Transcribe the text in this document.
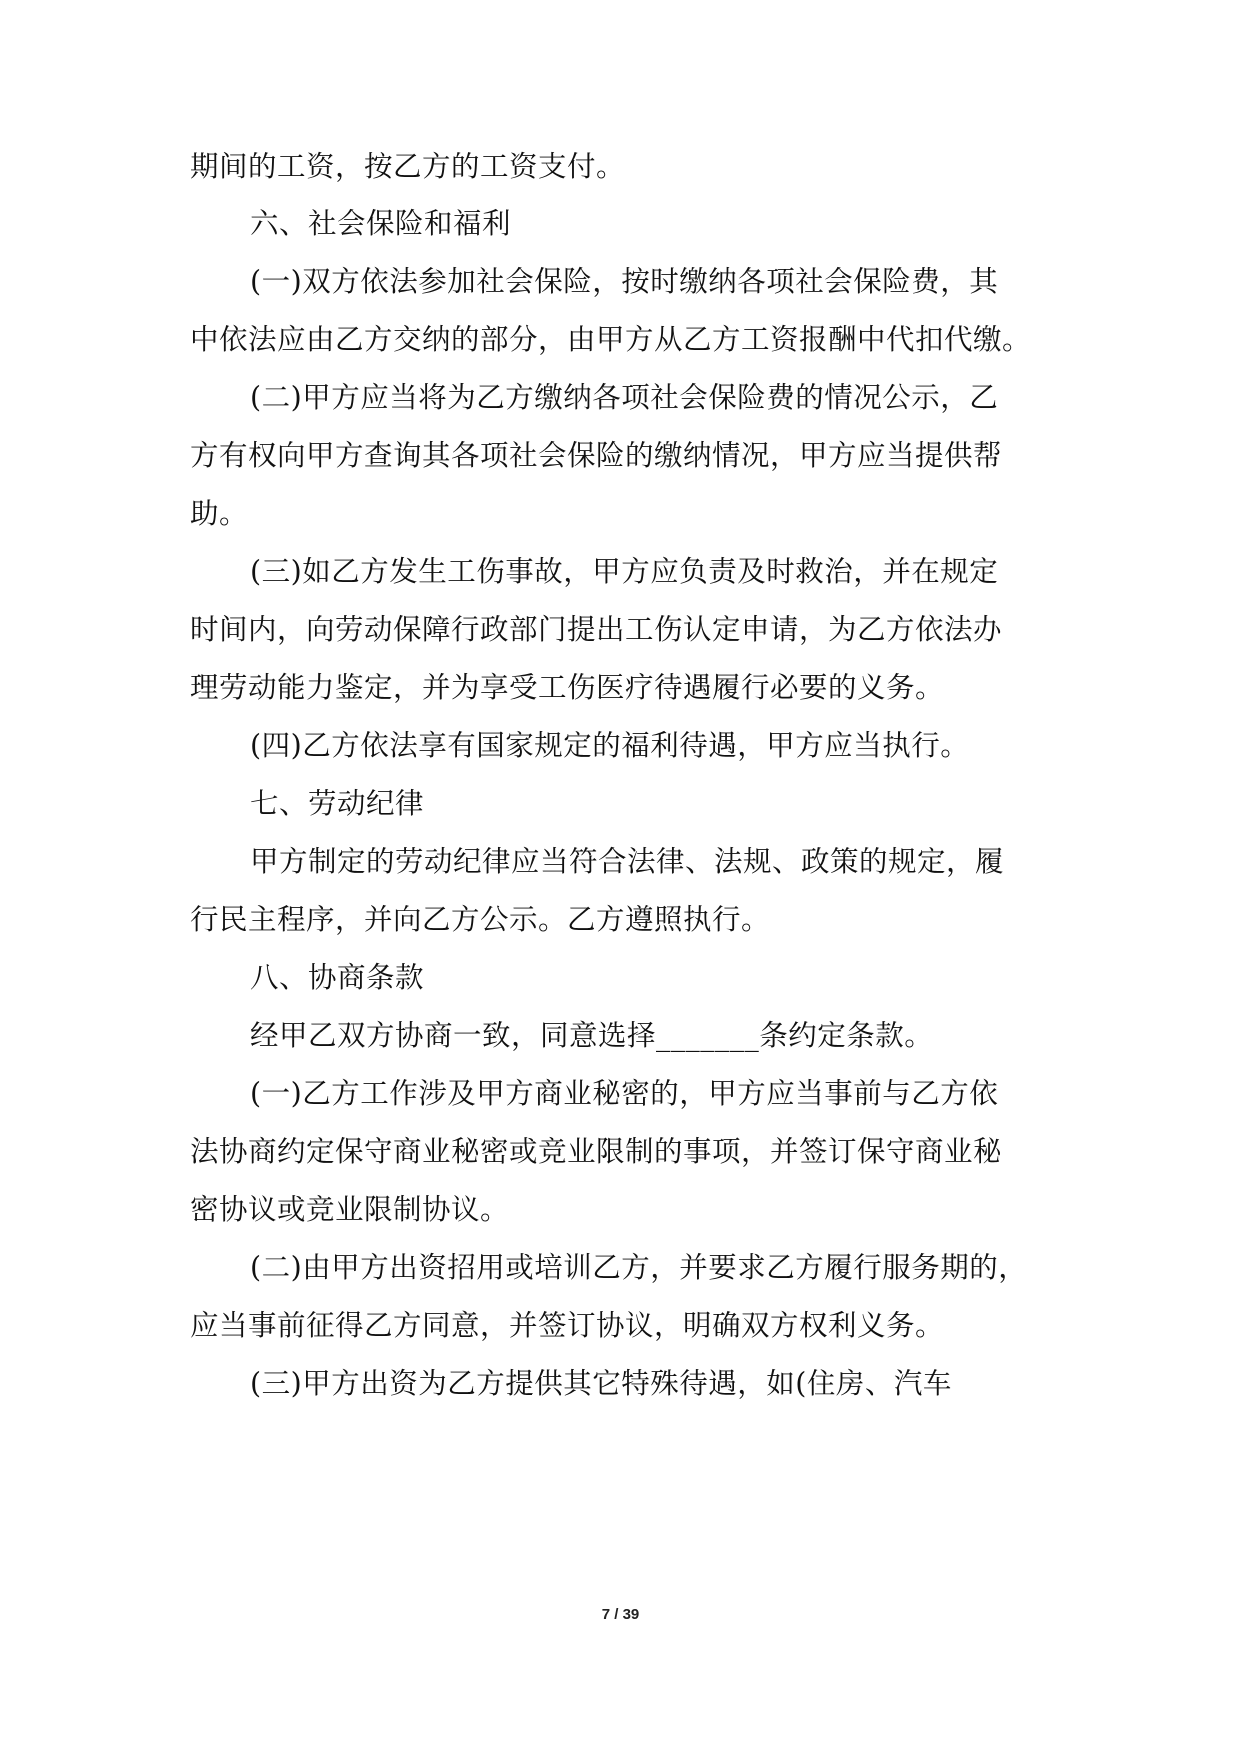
期间的工资，按乙方的工资支付。
六、社会保险和福利
(一)双方依法参加社会保险，按时缴纳各项社会保险费，其
中依法应由乙方交纳的部分，由甲方从乙方工资报酬中代扣代缴。
(二)甲方应当将为乙方缴纳各项社会保险费的情况公示，乙
方有权向甲方查询其各项社会保险的缴纳情况，甲方应当提供帮
助。
(三)如乙方发生工伤事故，甲方应负责及时救治，并在规定
时间内，向劳动保障行政部门提出工伤认定申请，为乙方依法办
理劳动能力鉴定，并为享受工伤医疗待遇履行必要的义务。
(四)乙方依法享有国家规定的福利待遇，甲方应当执行。
七、劳动纪律
甲方制定的劳动纪律应当符合法律、法规、政策的规定，履
行民主程序，并向乙方公示。乙方遵照执行。
八、协商条款
经甲乙双方协商一致，同意选择_______条约定条款。
(一)乙方工作涉及甲方商业秘密的，甲方应当事前与乙方依
法协商约定保守商业秘密或竞业限制的事项，并签订保守商业秘
密协议或竞业限制协议。
(二)由甲方出资招用或培训乙方，并要求乙方履行服务期的，
应当事前征得乙方同意，并签订协议，明确双方权利义务。
(三)甲方出资为乙方提供其它特殊待遇，如(住房、汽车
7 / 39
